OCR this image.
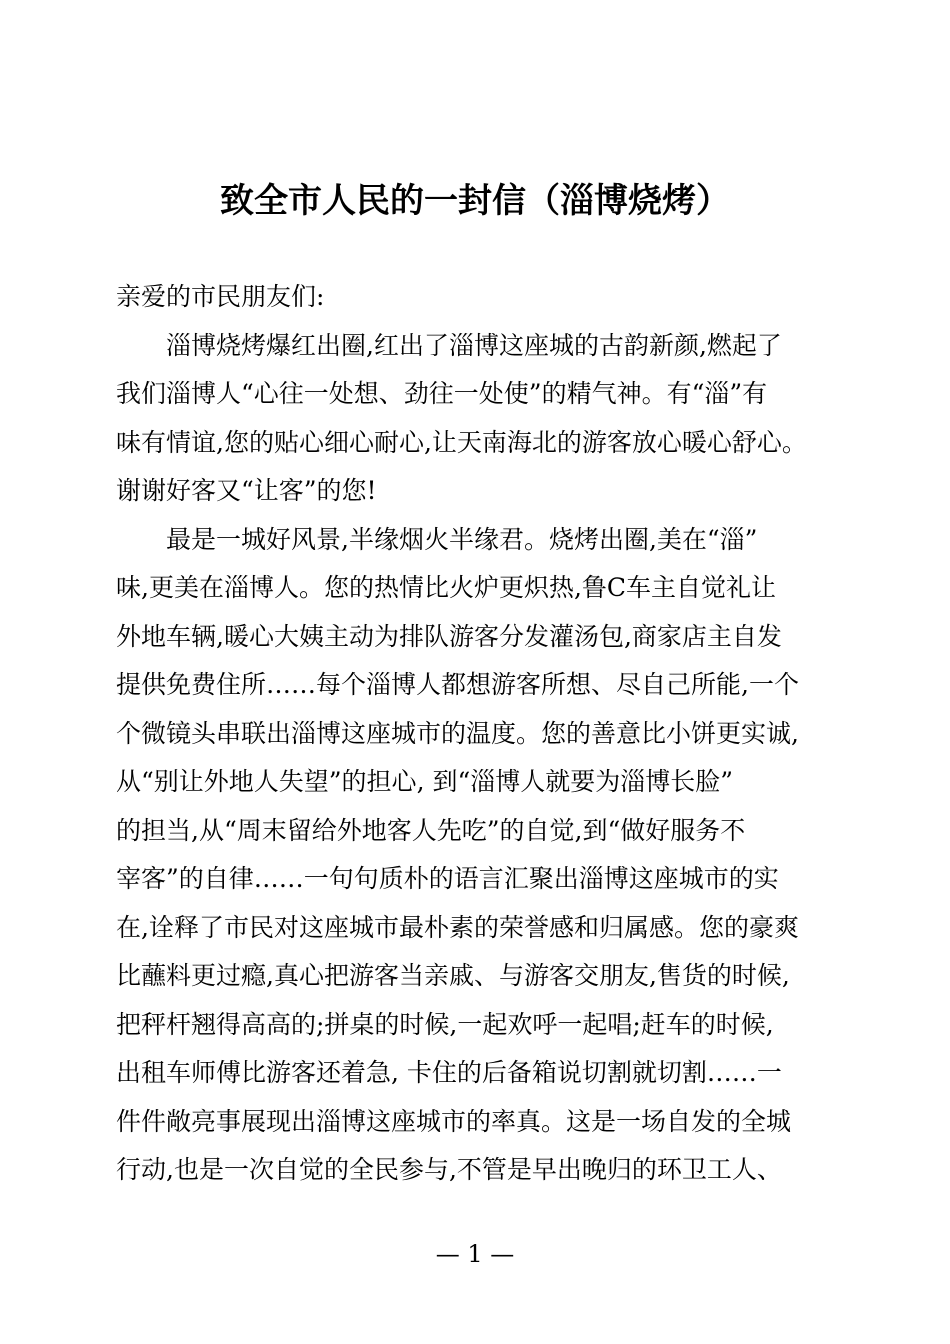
致全市人民的一封信（淄博烧烤）
亲爱的市民朋友们:
淄博烧烤爆红出圈,红出了淄博这座城的古韵新颜,燃起了
我们淄博人“心往一处想、劲往一处使”的精气神。有“淄”有
味有情谊,您的贴心细心耐心,让天南海北的游客放心暖心舒心。
谢谢好客又“让客”的您!
最是一城好风景,半缘烟火半缘君。烧烤出圈,美在“淄”
味,更美在淄博人。您的热情比火炉更炽热,鲁C车主自觉礼让
外地车辆,暖心大姨主动为排队游客分发灌汤包,商家店主自发
提供免费住所……每个淄博人都想游客所想、尽自己所能,一个
个微镜头串联出淄博这座城市的温度。您的善意比小饼更实诚,
从“别让外地人失望”的担心, 到“淄博人就要为淄博长脸”
的担当,从“周末留给外地客人先吃”的自觉,到“做好服务不
宰客”的自律……一句句质朴的语言汇聚出淄博这座城市的实
在,诠释了市民对这座城市最朴素的荣誉感和归属感。您的豪爽
比蘸料更过瘾,真心把游客当亲戚、与游客交朋友,售货的时候,
把秤杆翘得高高的;拼桌的时候,一起欢呼一起唱;赶车的时候,
出租车师傅比游客还着急, 卡住的后备箱说切割就切割……一
件件敞亮事展现出淄博这座城市的率真。这是一场自发的全城
行动,也是一次自觉的全民参与,不管是早出晚归的环卫工人、
— 1 —
